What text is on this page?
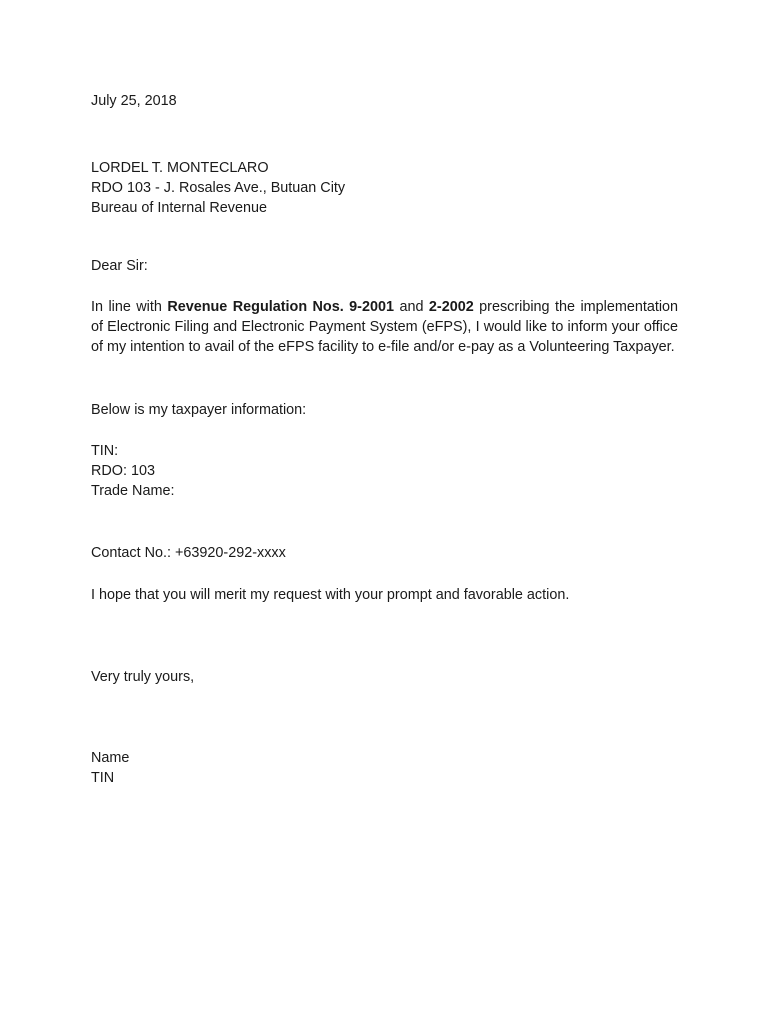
July 25, 2018
LORDEL T. MONTECLARO
RDO 103 - J. Rosales Ave., Butuan City
Bureau of Internal Revenue
Dear Sir:

In line with Revenue Regulation Nos. 9-2001 and 2-2002 prescribing the implementation of Electronic Filing and Electronic Payment System (eFPS), I would like to inform your office of my intention to avail of the eFPS facility to e-file and/or e-pay as a Volunteering Taxpayer.

Below is my taxpayer information:
TIN:
RDO: 103
Trade Name:
Contact No.: +63920-292-xxxx
I hope that you will merit my request with your prompt and favorable action.
Very truly yours,
Name
TIN
